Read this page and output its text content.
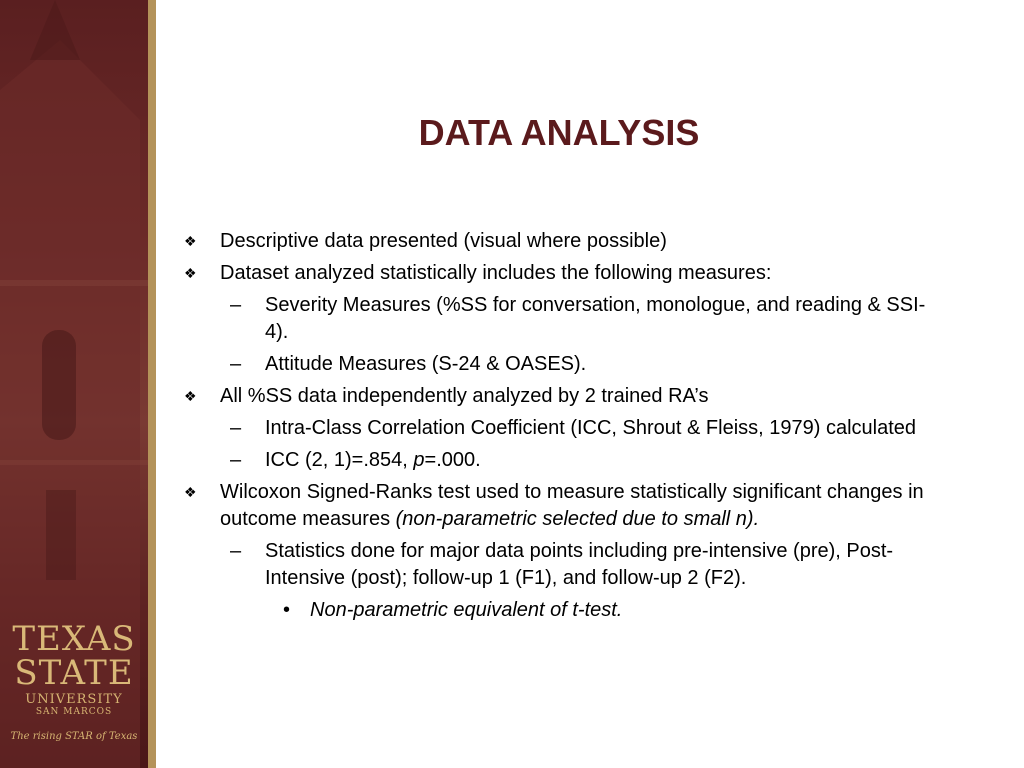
TEXAS
STATE
UNIVERSITY
SAN MARCOS
The rising STAR of Texas
DATA ANALYSIS
❖ Descriptive data presented (visual where possible)
❖ Dataset analyzed statistically includes the following measures:
– Severity Measures (%SS for conversation, monologue, and reading & SSI-4).
– Attitude Measures (S-24 & OASES).
❖ All %SS data independently analyzed by 2 trained RA’s
– Intra-Class Correlation Coefficient (ICC, Shrout & Fleiss, 1979) calculated
– ICC (2, 1)=.854, p=.000.
❖ Wilcoxon Signed-Ranks test used to measure statistically significant changes in outcome measures (non-parametric selected due to small n).
– Statistics done for major data points including pre-intensive (pre), Post-Intensive (post); follow-up 1 (F1), and follow-up 2 (F2).
• Non-parametric equivalent of t-test.
